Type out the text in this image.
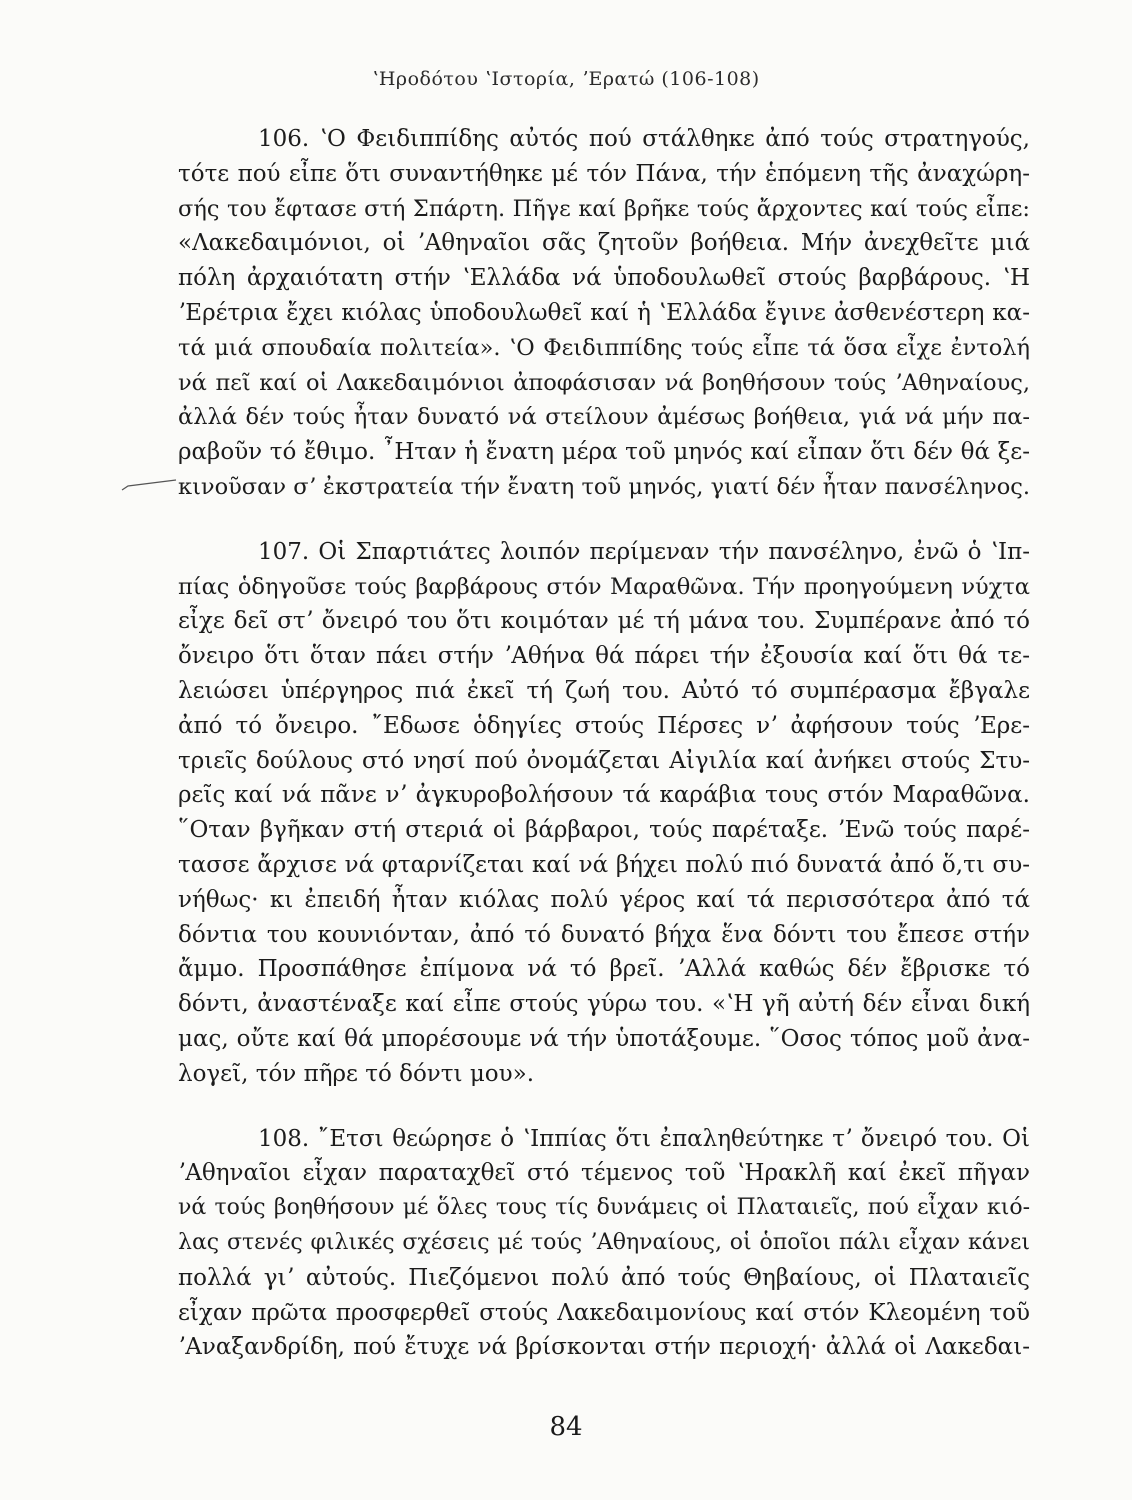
ʽΗροδότου ʽΙστορία, ʼΕρατώ (106-108)
106. ʽΟ Φειδιππίδης αὐτός πού στάλθηκε ἀπό τούς στρατηγούς,
τότε πού εἶπε ὅτι συναντήθηκε μέ τόν Πάνα, τήν ἑπόμενη τῆς ἀναχώρη-
σής του ἔφτασε στή Σπάρτη. Πῆγε καί βρῆκε τούς ἄρχοντες καί τούς εἶπε:
«Λακεδαιμόνιοι, οἱ ʼΑθηναῖοι σᾶς ζητοῦν βοήθεια. Μήν ἀνεχθεῖτε μιά
πόλη ἀρχαιότατη στήν ʽΕλλάδα νά ὑποδουλωθεῖ στούς βαρβάρους. ʽΗ
ʼΕρέτρια ἔχει κιόλας ὑποδουλωθεῖ καί ἡ ʽΕλλάδα ἔγινε ἀσθενέστερη κα-
τά μιά σπουδαία πολιτεία». ʽΟ Φειδιππίδης τούς εἶπε τά ὅσα εἶχε ἐντολή
νά πεῖ καί οἱ Λακεδαιμόνιοι ἀποφάσισαν νά βοηθήσουν τούς ʼΑθηναίους,
ἀλλά δέν τούς ἦταν δυνατό νά στείλουν ἀμέσως βοήθεια, γιά νά μήν πα-
ραβοῦν τό ἔθιμο. ῏Ηταν ἡ ἔνατη μέρα τοῦ μηνός καί εἶπαν ὅτι δέν θά ξε-
κινοῦσαν σʼ ἐκστρατεία τήν ἔνατη τοῦ μηνός, γιατί δέν ἦταν πανσέληνος.
107. Οἱ Σπαρτιάτες λοιπόν περίμεναν τήν πανσέληνο, ἐνῶ ὁ ʽΙπ-
πίας ὁδηγοῦσε τούς βαρβάρους στόν Μαραθῶνα. Τήν προηγούμενη νύχτα
εἶχε δεῖ στʼ ὄνειρό του ὅτι κοιμόταν μέ τή μάνα του. Συμπέρανε ἀπό τό
ὄνειρο ὅτι ὅταν πάει στήν ʼΑθήνα θά πάρει τήν ἐξουσία καί ὅτι θά τε-
λειώσει ὑπέργηρος πιά ἐκεῖ τή ζωή του. Αὐτό τό συμπέρασμα ἔβγαλε
ἀπό τό ὄνειρο. ῎Εδωσε ὁδηγίες στούς Πέρσες νʼ ἀφήσουν τούς ʼΕρε-
τριεῖς δούλους στό νησί πού ὀνομάζεται Αἰγιλία καί ἀνήκει στούς Στυ-
ρεῖς καί νά πᾶνε νʼ ἀγκυροβολήσουν τά καράβια τους στόν Μαραθῶνα.
῞Οταν βγῆκαν στή στεριά οἱ βάρβαροι, τούς παρέταξε. ʼΕνῶ τούς παρέ-
τασσε ἄρχισε νά φταρνίζεται καί νά βήχει πολύ πιό δυνατά ἀπό ὅ,τι συ-
νήθως· κι ἐπειδή ἦταν κιόλας πολύ γέρος καί τά περισσότερα ἀπό τά
δόντια του κουνιόνταν, ἀπό τό δυνατό βήχα ἕνα δόντι του ἔπεσε στήν
ἄμμο. Προσπάθησε ἐπίμονα νά τό βρεῖ. ʼΑλλά καθώς δέν ἔβρισκε τό
δόντι, ἀναστέναξε καί εἶπε στούς γύρω του. «ʽΗ γῆ αὐτή δέν εἶναι δική
μας, οὔτε καί θά μπορέσουμε νά τήν ὑποτάξουμε. ῞Οσος τόπος μοῦ ἀνα-
λογεῖ, τόν πῆρε τό δόντι μου».
108. ῎Ετσι θεώρησε ὁ ʽΙππίας ὅτι ἐπαληθεύτηκε τʼ ὄνειρό του. Οἱ
ʼΑθηναῖοι εἶχαν παραταχθεῖ στό τέμενος τοῦ ʽΗρακλῆ καί ἐκεῖ πῆγαν
νά τούς βοηθήσουν μέ ὅλες τους τίς δυνάμεις οἱ Πλαταιεῖς, πού εἶχαν κιό-
λας στενές φιλικές σχέσεις μέ τούς ʼΑθηναίους, οἱ ὁποῖοι πάλι εἶχαν κάνει
πολλά γιʼ αὐτούς. Πιεζόμενοι πολύ ἀπό τούς Θηβαίους, οἱ Πλαταιεῖς
εἶχαν πρῶτα προσφερθεῖ στούς Λακεδαιμονίους καί στόν Κλεομένη τοῦ
ʼΑναξανδρίδη, πού ἔτυχε νά βρίσκονται στήν περιοχή· ἀλλά οἱ Λακεδαι-
84
